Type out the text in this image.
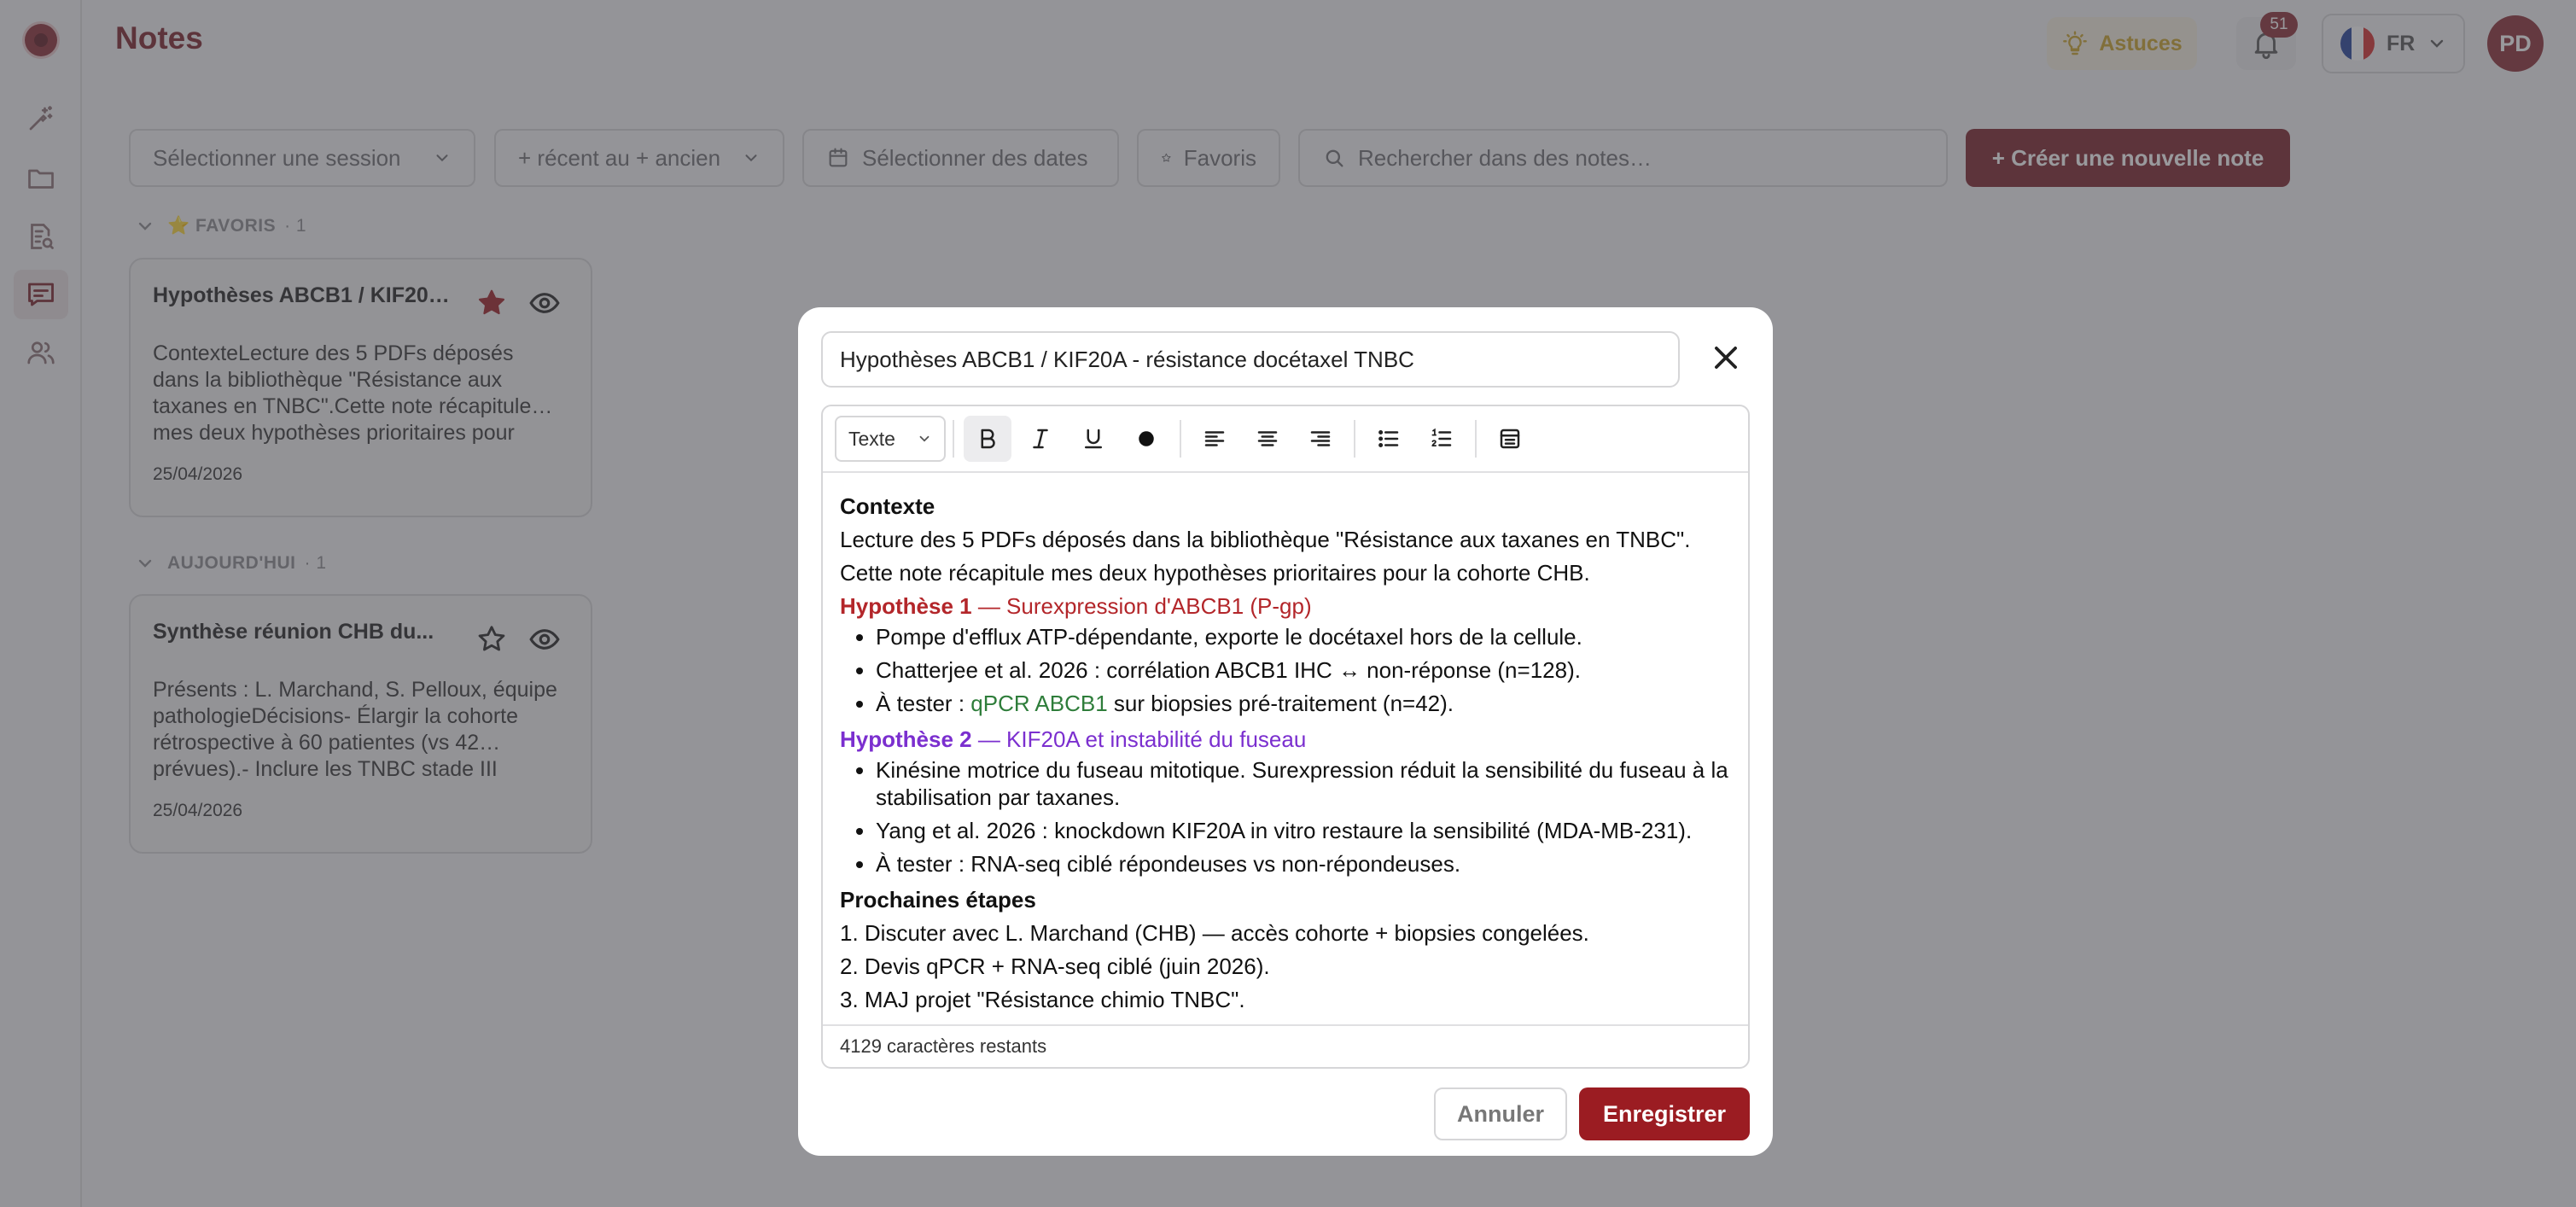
Hypothèses ABCB1 / KIF20A - résistance docétaxel TNBC
Texte
Contexte
Lecture des 5 PDFs déposés dans la bibliothèque "Résistance aux taxanes en TNBC".
Cette note récapitule mes deux hypothèses prioritaires pour la cohorte CHB.
Hypothèse 1 — Surexpression d'ABCB1 (P-gp)
• Pompe d'efflux ATP-dépendante, exporte le docétaxel hors de la cellule.
• Chatterjee et al. 2026 : corrélation ABCB1 IHC ↔ non-réponse (n=128).
• À tester : qPCR ABCB1 sur biopsies pré-traitement (n=42).
Hypothèse 2 — KIF20A et instabilité du fuseau
• Kinésine motrice du fuseau mitotique. Surexpression réduit la sensibilité du fuseau à la stabilisation par taxanes.
• Yang et al. 2026 : knockdown KIF20A in vitro restaure la sensibilité (MDA-MB-231).
• À tester : RNA-seq ciblé répondeuses vs non-répondeuses.
Prochaines étapes
1. Discuter avec L. Marchand (CHB) — accès cohorte + biopsies congelées.
2. Devis qPCR + RNA-seq ciblé (juin 2026).
3. MAJ projet "Résistance chimio TNBC".
4129 caractères restants
Annuler	Enregistrer
